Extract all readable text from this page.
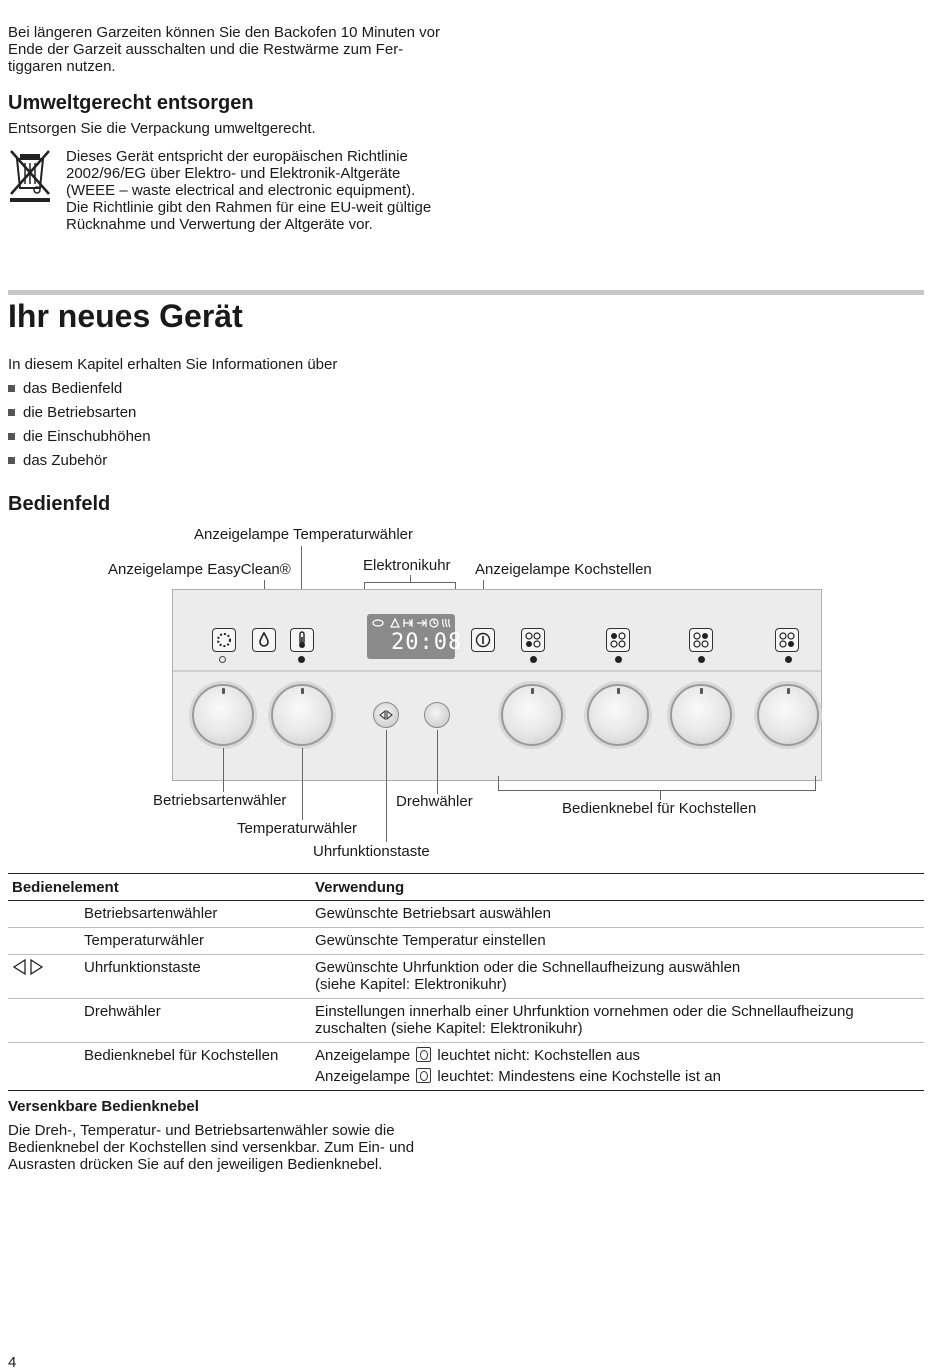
Bei längeren Garzeiten können Sie den Backofen 10 Minuten vor Ende der Garzeit ausschalten und die Restwärme zum Fer-tiggaren nutzen.
Umweltgerecht entsorgen
Entsorgen Sie die Verpackung umweltgerecht.
Dieses Gerät entspricht der europäischen Richtlinie
2002/96/EG über Elektro- und Elektronik-Altgeräte
(WEEE – waste electrical and electronic equipment).
Die Richtlinie gibt den Rahmen für eine EU-weit gültige
Rücknahme und Verwertung der Altgeräte vor.
Ihr neues Gerät
In diesem Kapitel erhalten Sie Informationen über
das Bedienfeld
die Betriebsarten
die Einschubhöhen
das Zubehör
Bedienfeld
Anzeigelampe Temperaturwähler
Anzeigelampe EasyClean®	Elektronikuhr Anzeigelampe Kochstellen
20:08
Betriebsartenwähler	Drehwähler	Bedienknebel für Kochstellen
Temperaturwähler
Uhrfunktionstaste
Bedienelement		Verwendung
	Betriebsartenwähler	Gewünschte Betriebsart auswählen
	Temperaturwähler	Gewünschte Temperatur einstellen
	Uhrfunktionstaste	Gewünschte Uhrfunktion oder die Schnellaufheizung auswählen (siehe Kapitel: Elektronikuhr)
	Drehwähler	Einstellungen innerhalb einer Uhrfunktion vornehmen oder die Schnellaufheizung zuschalten (siehe Kapitel: Elektronikuhr)
	Bedienknebel für Kochstellen	Anzeigelampe leuchtet nicht: Kochstellen aus
		Anzeigelampe leuchtet: Mindestens eine Kochstelle ist an
Versenkbare Bedienknebel
Die Dreh-, Temperatur- und Betriebsartenwähler sowie die
Bedienknebel der Kochstellen sind versenkbar. Zum Ein- und
Ausrasten drücken Sie auf den jeweiligen Bedienknebel.
4
